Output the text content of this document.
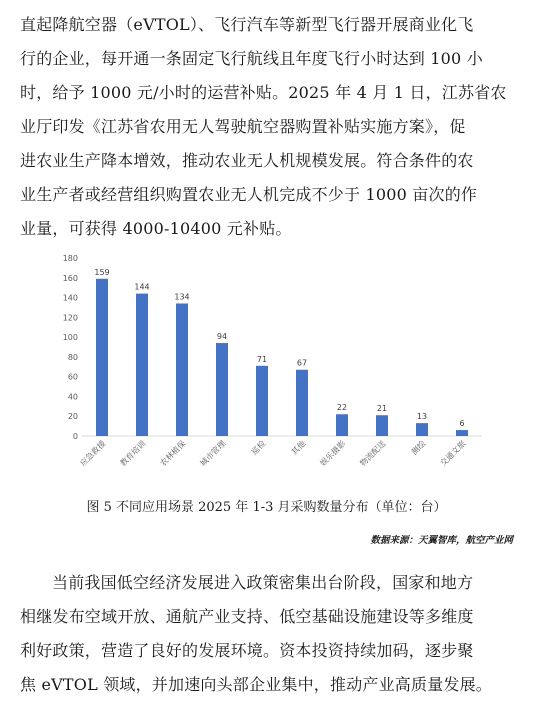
直起降航空器（eVTOL）、飞行汽车等新型飞行器开展商业化飞
行的企业，每开通一条固定飞行航线且年度飞行小时达到 100 小
时，给予 1000 元/小时的运营补贴。2025 年 4 月 1 日，江苏省农
业厅印发《江苏省农用无人驾驶航空器购置补贴实施方案》，促
进农业生产降本增效，推动农业无人机规模发展。符合条件的农
业生产者或经营组织购置农业无人机完成不少于 1000 亩次的作
业量，可获得 4000-10400 元补贴。
0
20
40
60
80
100
120
140
160
180
159
应急救援
144
教育培训
134
农林植保
94
城市管理
71
巡检
67
其他
22
娱乐摄影
21
物流配送
13
测绘
6
交通文旅
图 5 不同应用场景 2025 年 1-3 月采购数量分布（单位：台）
数据来源：天翼智库，航空产业网
当前我国低空经济发展进入政策密集出台阶段，国家和地方
相继发布空域开放、通航产业支持、低空基础设施建设等多维度
利好政策，营造了良好的发展环境。资本投资持续加码，逐步聚
焦 eVTOL 领域，并加速向头部企业集中，推动产业高质量发展。
